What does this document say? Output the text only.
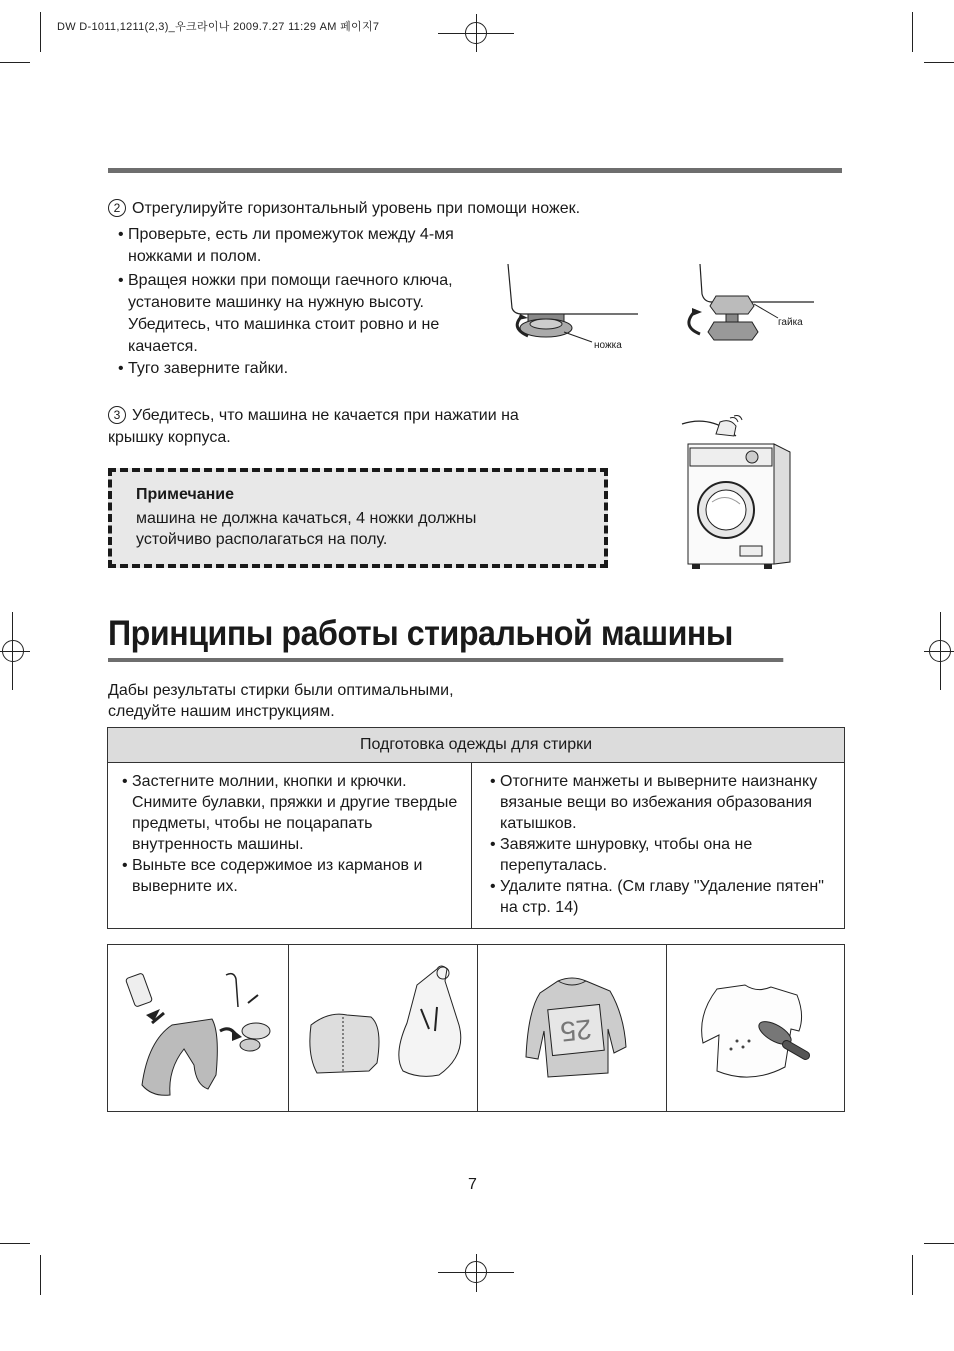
DW D-1011,1211(2,3)_우크라이나 2009.7.27 11:29 AM 페이지7
2 Отрегулируйте горизонтальный уровень при помощи ножек.
• Проверьте, есть ли промежуток между 4-мя ножками и полом.
• Вращея ножки при помощи гаечного ключа, установите машинку на нужную высоту. Убедитесь, что машинка стоит ровно и не качается.
• Туго заверните гайки.
ножка
гайка
3 Убедитесь, что машина не качается при нажатии на крышку корпуса.
Примечание
машина не должна качаться, 4 ножки должны устойчиво располагаться на полу.
Принципы работы стиральной машины
Дабы результаты стирки были оптимальными, следуйте нашим инструкциям.
Подготовка одежды для стирки
• Застегните молнии, кнопки и крючки. Снимите булавки, пряжки и другие твердые предметы, чтобы не поцарапать внутренность машины.
• Выньте все содержимое из карманов и выверните их.
• Отогните манжеты и выверните наизнанку вязаные вещи во избежания образования катышков.
• Завяжите шнуровку, чтобы она не перепуталась.
• Удалите пятна. (См главу "Удаление пятен" на стр. 14)
25
7
